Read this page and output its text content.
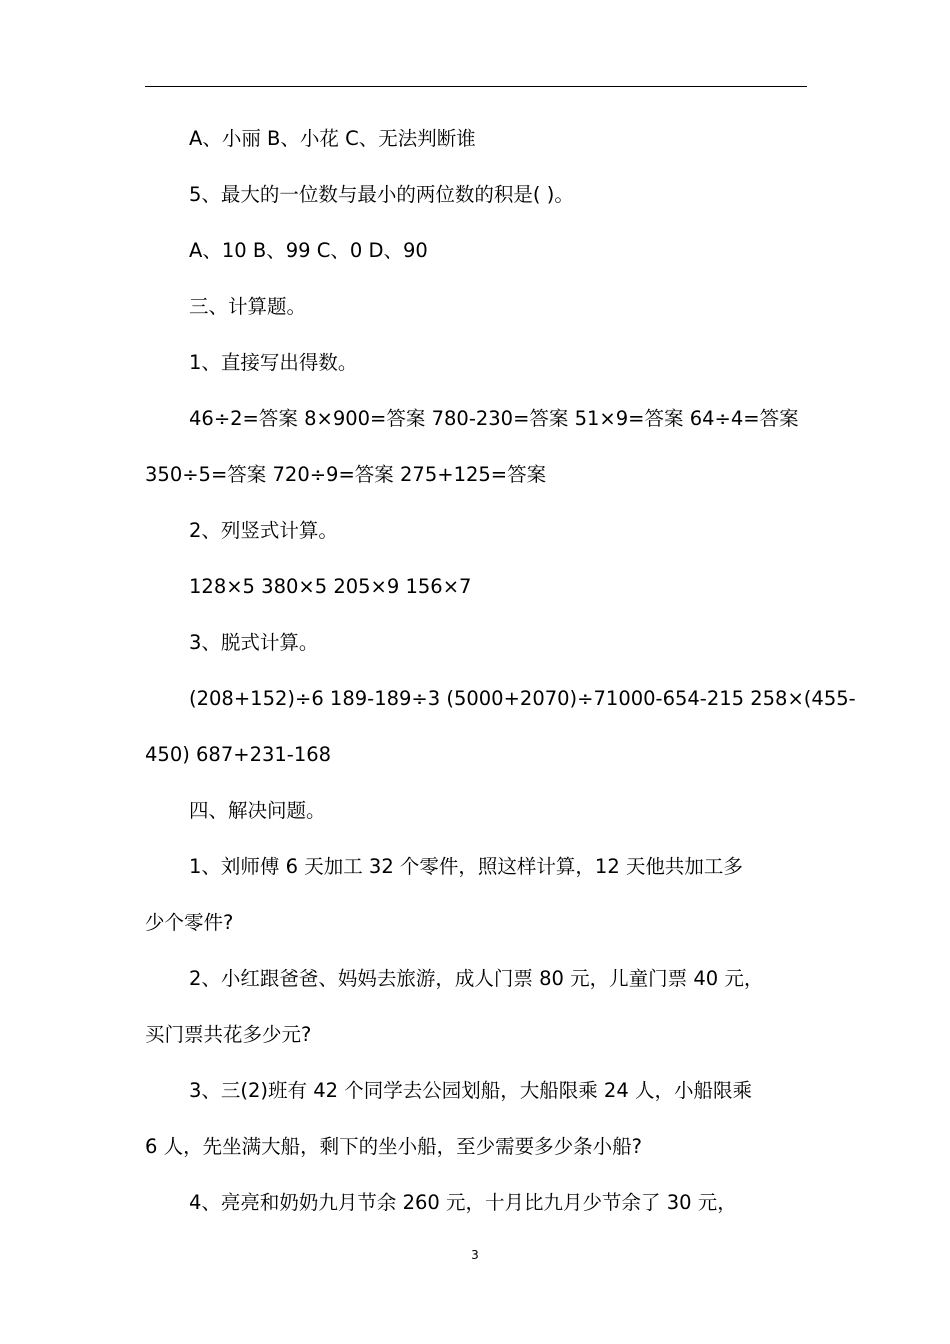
A、小丽 B、小花 C、无法判断谁
5、最大的一位数与最小的两位数的积是( )。
A、10 B、99 C、0 D、90
三、计算题。
1、直接写出得数。
46÷2=答案 8×900=答案 780-230=答案 51×9=答案 64÷4=答案
350÷5=答案 720÷9=答案 275+125=答案
2、列竖式计算。
128×5 380×5 205×9 156×7
3、脱式计算。
(208+152)÷6 189-189÷3 (5000+2070)÷71000-654-215 258×(455-
450) 687+231-168
四、解决问题。
1、刘师傅 6 天加工 32 个零件，照这样计算，12 天他共加工多
少个零件?
2、小红跟爸爸、妈妈去旅游，成人门票 80 元，儿童门票 40 元，
买门票共花多少元?
3、三(2)班有 42 个同学去公园划船，大船限乘 24 人，小船限乘
6 人，先坐满大船，剩下的坐小船，至少需要多少条小船?
4、亮亮和奶奶九月节余 260 元，十月比九月少节余了 30 元，
3
